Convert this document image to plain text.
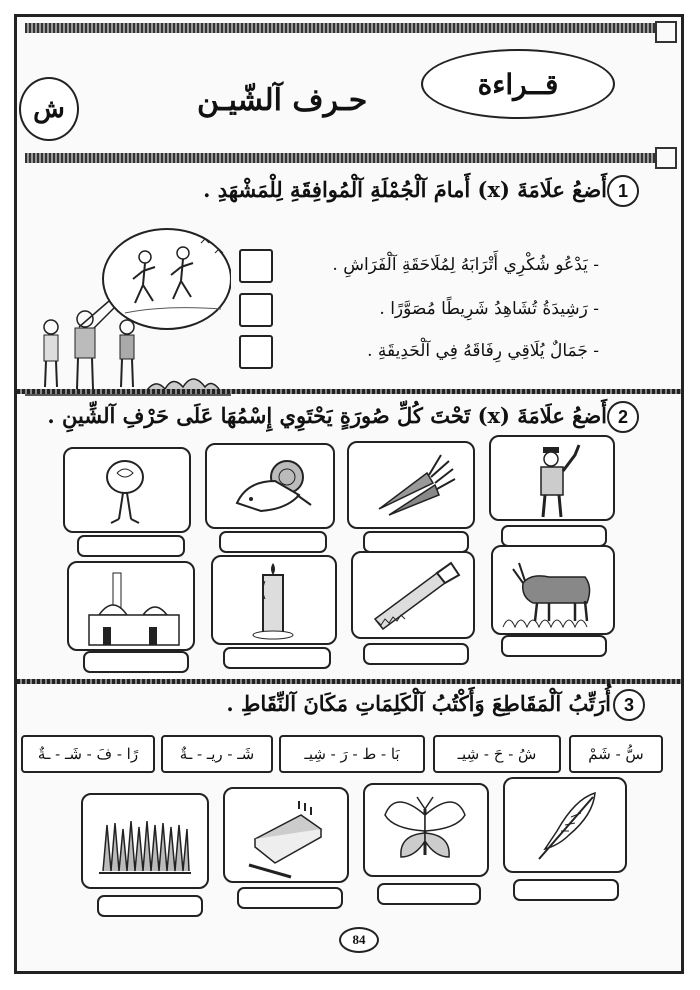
قــراءة
حـرف آلشّيـن
ش
1
أَضعُ علَامَةَ (x) أَمامَ آلْجُمْلَةِ آلْمُوافِقَةِ لِلْمَشْهَدِ .
- يَدْعُو شُكْرِي أَتْرَابَهُ لِمُلَاحَقَةِ آلْفَرَاشِ .
- رَشِيدَةُ تُشَاهِدُ شَرِيطًا مُصَوَّرًا .
- جَمَالٌ يُلَاقِي رِفَاقَهُ فِي آلْحَدِيقَةِ .
2
أَضعُ علَامَةَ (x) تَحْتَ كُلِّ صُورَةٍ يَحْتَوِي إِسْمُهَا عَلَى حَرْفِ آلشِّينِ .
3
أُرَتِّبُ آلْمَقَاطِعَ وَأَكْتُبُ آلْكَلِمَاتِ مَكَانَ آلنِّقَاطِ .
سُّ - شَمْ
شُ - حَ - شِيـ
بَا - ط - رَ - شِيـ
شَـ - ريـ - ـةٌ
رًا - فَ - شَـ - ـةٌ
84
